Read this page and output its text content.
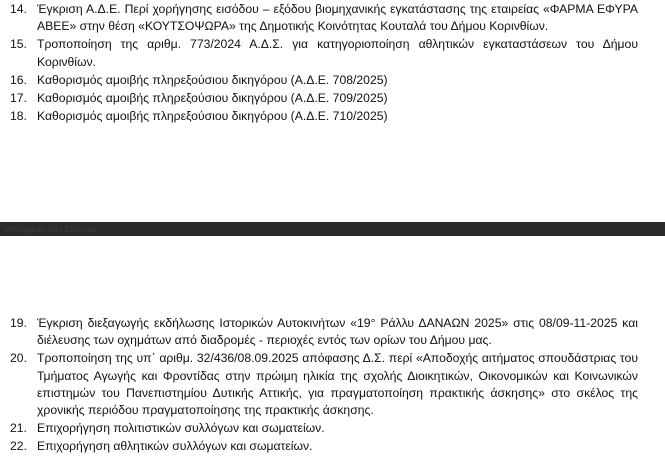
14. Έγκριση Α.Δ.Ε. Περί χορήγησης εισόδου – εξόδου βιομηχανικής εγκατάστασης της εταιρείας «ΦΑΡΜΑ ΕΦΥΡΑ ΑΒΕΕ» στην θέση «ΚΟΥΤΣΟΨΩΡΑ» της Δημοτικής Κοινότητας Κουταλά του Δήμου Κορινθίων.
15. Τροποποίηση της αριθμ. 773/2024 Α.Δ.Σ. για κατηγοριοποίηση αθλητικών εγκαταστάσεων του Δήμου Κορινθίων.
16. Καθορισμός αμοιβής πληρεξούσιου δικηγόρου (Α.Δ.Ε. 708/2025)
17. Καθορισμός αμοιβής πληρεξούσιου δικηγόρου (Α.Δ.Ε. 709/2025)
18. Καθορισμός αμοιβής πληρεξούσιου δικηγόρου (Α.Δ.Ε. 710/2025)
Μετάφραση από Ελληνικά
19. Έγκριση διεξαγωγής εκδήλωσης Ιστορικών Αυτοκινήτων «19° Ράλλυ ΔΑΝΑΩΝ 2025» στις 08/09-11-2025 και διέλευσης των οχημάτων από διαδρομές - περιοχές εντός των ορίων του Δήμου μας.
20. Τροποποίηση της υπ΄ αριθμ. 32/436/08.09.2025 απόφασης Δ.Σ. περί «Αποδοχής αιτήματος σπουδάστριας του Τμήματος Αγωγής και Φροντίδας στην πρώιμη ηλικία της σχολής Διοικητικών, Οικονομικών και Κοινωνικών επιστημών του Πανεπιστημίου Δυτικής Αττικής, για πραγματοποίηση πρακτικής άσκησης» στο σκέλος της χρονικής περιόδου πραγματοποίησης της πρακτικής άσκησης.
21. Επιχορήγηση πολιτιστικών συλλόγων και σωματείων.
22. Επιχορήγηση αθλητικών συλλόγων και σωματείων.
